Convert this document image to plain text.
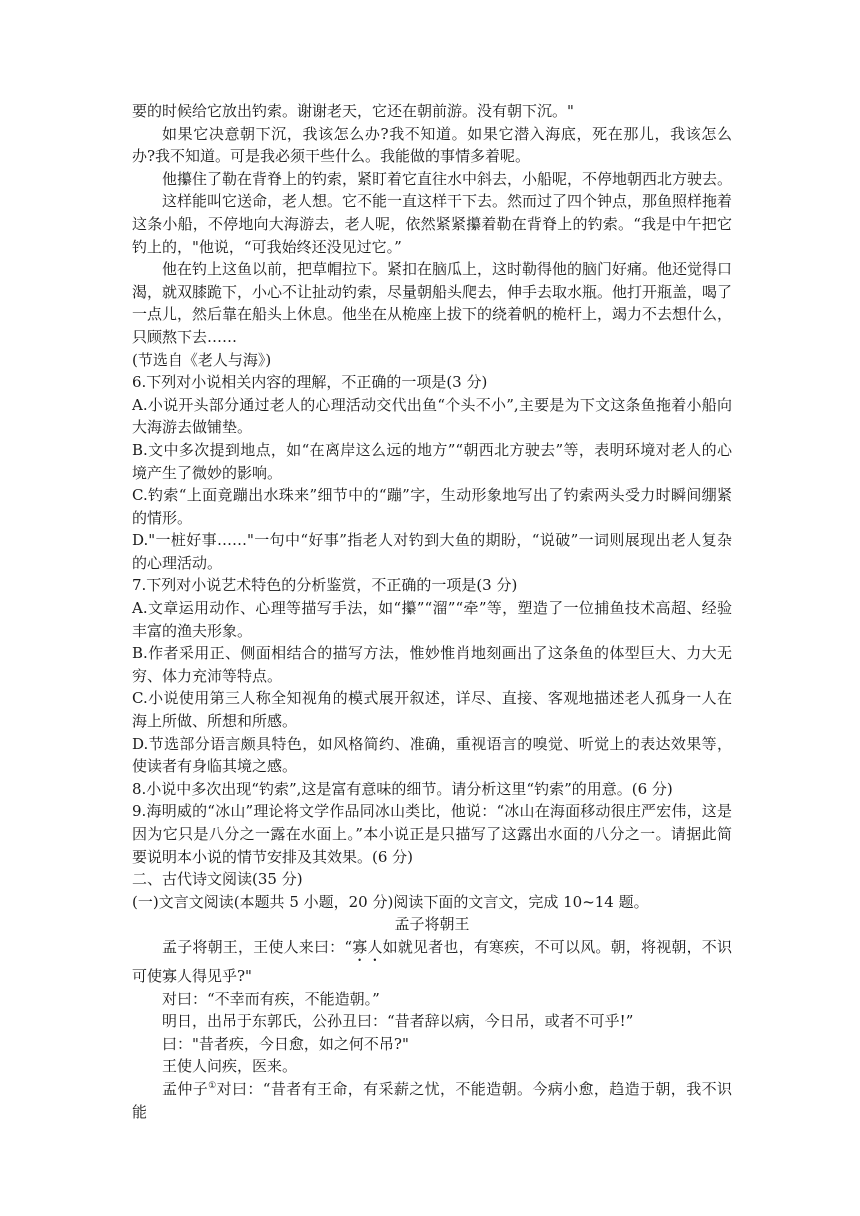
要的时候给它放出钓索。谢谢老天，它还在朝前游。没有朝下沉。"

如果它决意朝下沉，我该怎么办?我不知道。如果它潜入海底，死在那儿，我该怎么办?我不知道。可是我必须干些什么。我能做的事情多着呢。

他攥住了勒在背脊上的钓索，紧盯着它直往水中斜去，小船呢，不停地朝西北方驶去。

这样能叫它送命，老人想。它不能一直这样干下去。然而过了四个钟点，那鱼照样拖着这条小船，不停地向大海游去，老人呢，依然紧紧攥着勒在背脊上的钓索。“我是中午把它钓上的，"他说，“可我始终还没见过它。”

他在钓上这鱼以前，把草帽拉下。紧扣在脑瓜上，这时勒得他的脑门好痛。他还觉得口渴，就双膝跪下，小心不让扯动钓索，尽量朝船头爬去，伸手去取水瓶。他打开瓶盖，喝了一点儿，然后靠在船头上休息。他坐在从桅座上拔下的绕着帆的桅杆上，竭力不去想什么，只顾熬下去……

(节选自《老人与海》)

6.下列对小说相关内容的理解，不正确的一项是(3 分)

A.小说开头部分通过老人的心理活动交代出鱼“个头不小”,主要是为下文这条鱼拖着小船向大海游去做铺垫。

B.文中多次提到地点，如“在离岸这么远的地方”“朝西北方驶去”等，表明环境对老人的心境产生了微妙的影响。

C.钓索“上面竟蹦出水珠来”细节中的“蹦”字，生动形象地写出了钓索两头受力时瞬间绷紧的情形。

D."一桩好事……"一句中“好事”指老人对钓到大鱼的期盼，“说破”一词则展现出老人复杂的心理活动。

7.下列对小说艺术特色的分析鉴赏，不正确的一项是(3 分)

A.文章运用动作、心理等描写手法，如“攥”“溜”“牵”等，塑造了一位捕鱼技术高超、经验丰富的渔夫形象。

B.作者采用正、侧面相结合的描写方法，惟妙惟肖地刻画出了这条鱼的体型巨大、力大无穷、体力充沛等特点。

C.小说使用第三人称全知视角的模式展开叙述，详尽、直接、客观地描述老人孤身一人在海上所做、所想和所感。

D.节选部分语言颇具特色，如风格简约、准确，重视语言的嗅觉、听觉上的表达效果等，使读者有身临其境之感。

8.小说中多次出现“钓索”,这是富有意味的细节。请分析这里“钓索”的用意。(6 分)

9.海明威的“冰山”理论将文学作品同冰山类比，他说：“冰山在海面移动很庄严宏伟，这是因为它只是八分之一露在水面上。”本小说正是只描写了这露出水面的八分之一。请据此简要说明本小说的情节安排及其效果。(6 分)

二、古代诗文阅读(35 分)

(一)文言文阅读(本题共 5 小题，20 分)阅读下面的文言文，完成 10~14 题。

孟子将朝王

孟子将朝王，王使人来曰：“寡人如就见者也，有寒疾，不可以风。朝，将视朝，不识可使寡人得见乎?"

对曰：“不幸而有疾，不能造朝。”

明日，出吊于东郭氏，公孙丑曰：“昔者辞以病，今日吊，或者不可乎!”

曰："昔者疾，今日愈，如之何不吊?"

王使人问疾，医来。

孟仲子①对曰：“昔者有王命，有采薪之忧，不能造朝。今病小愈，趋造于朝，我不识能
